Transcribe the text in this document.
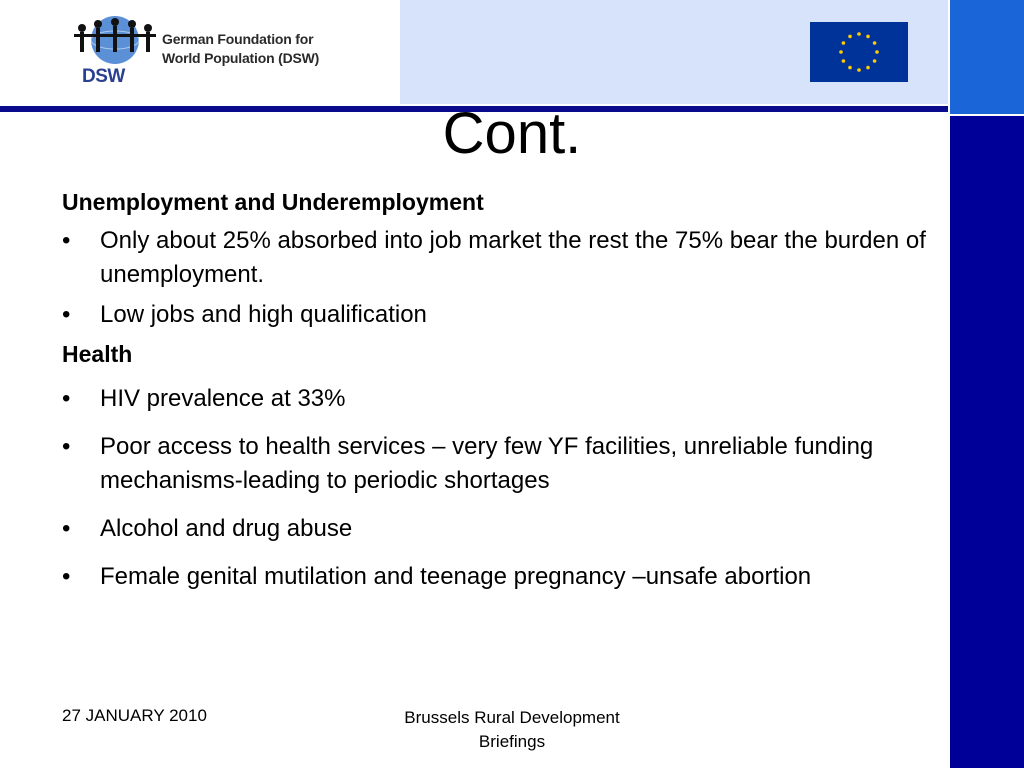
DSW
German Foundation for
World Population (DSW)
Cont.

Unemployment and Underemployment

• Only about 25% absorbed into job market the rest the 75% bear the burden of unemployment.
• Low jobs and high qualification

Health

• HIV prevalence at 33%
• Poor access to health services – very few YF facilities, unreliable funding mechanisms-leading to periodic shortages
• Alcohol and drug abuse
• Female genital mutilation and teenage pregnancy –unsafe abortion
27 JANUARY 2010	Brussels Rural Development
Briefings
